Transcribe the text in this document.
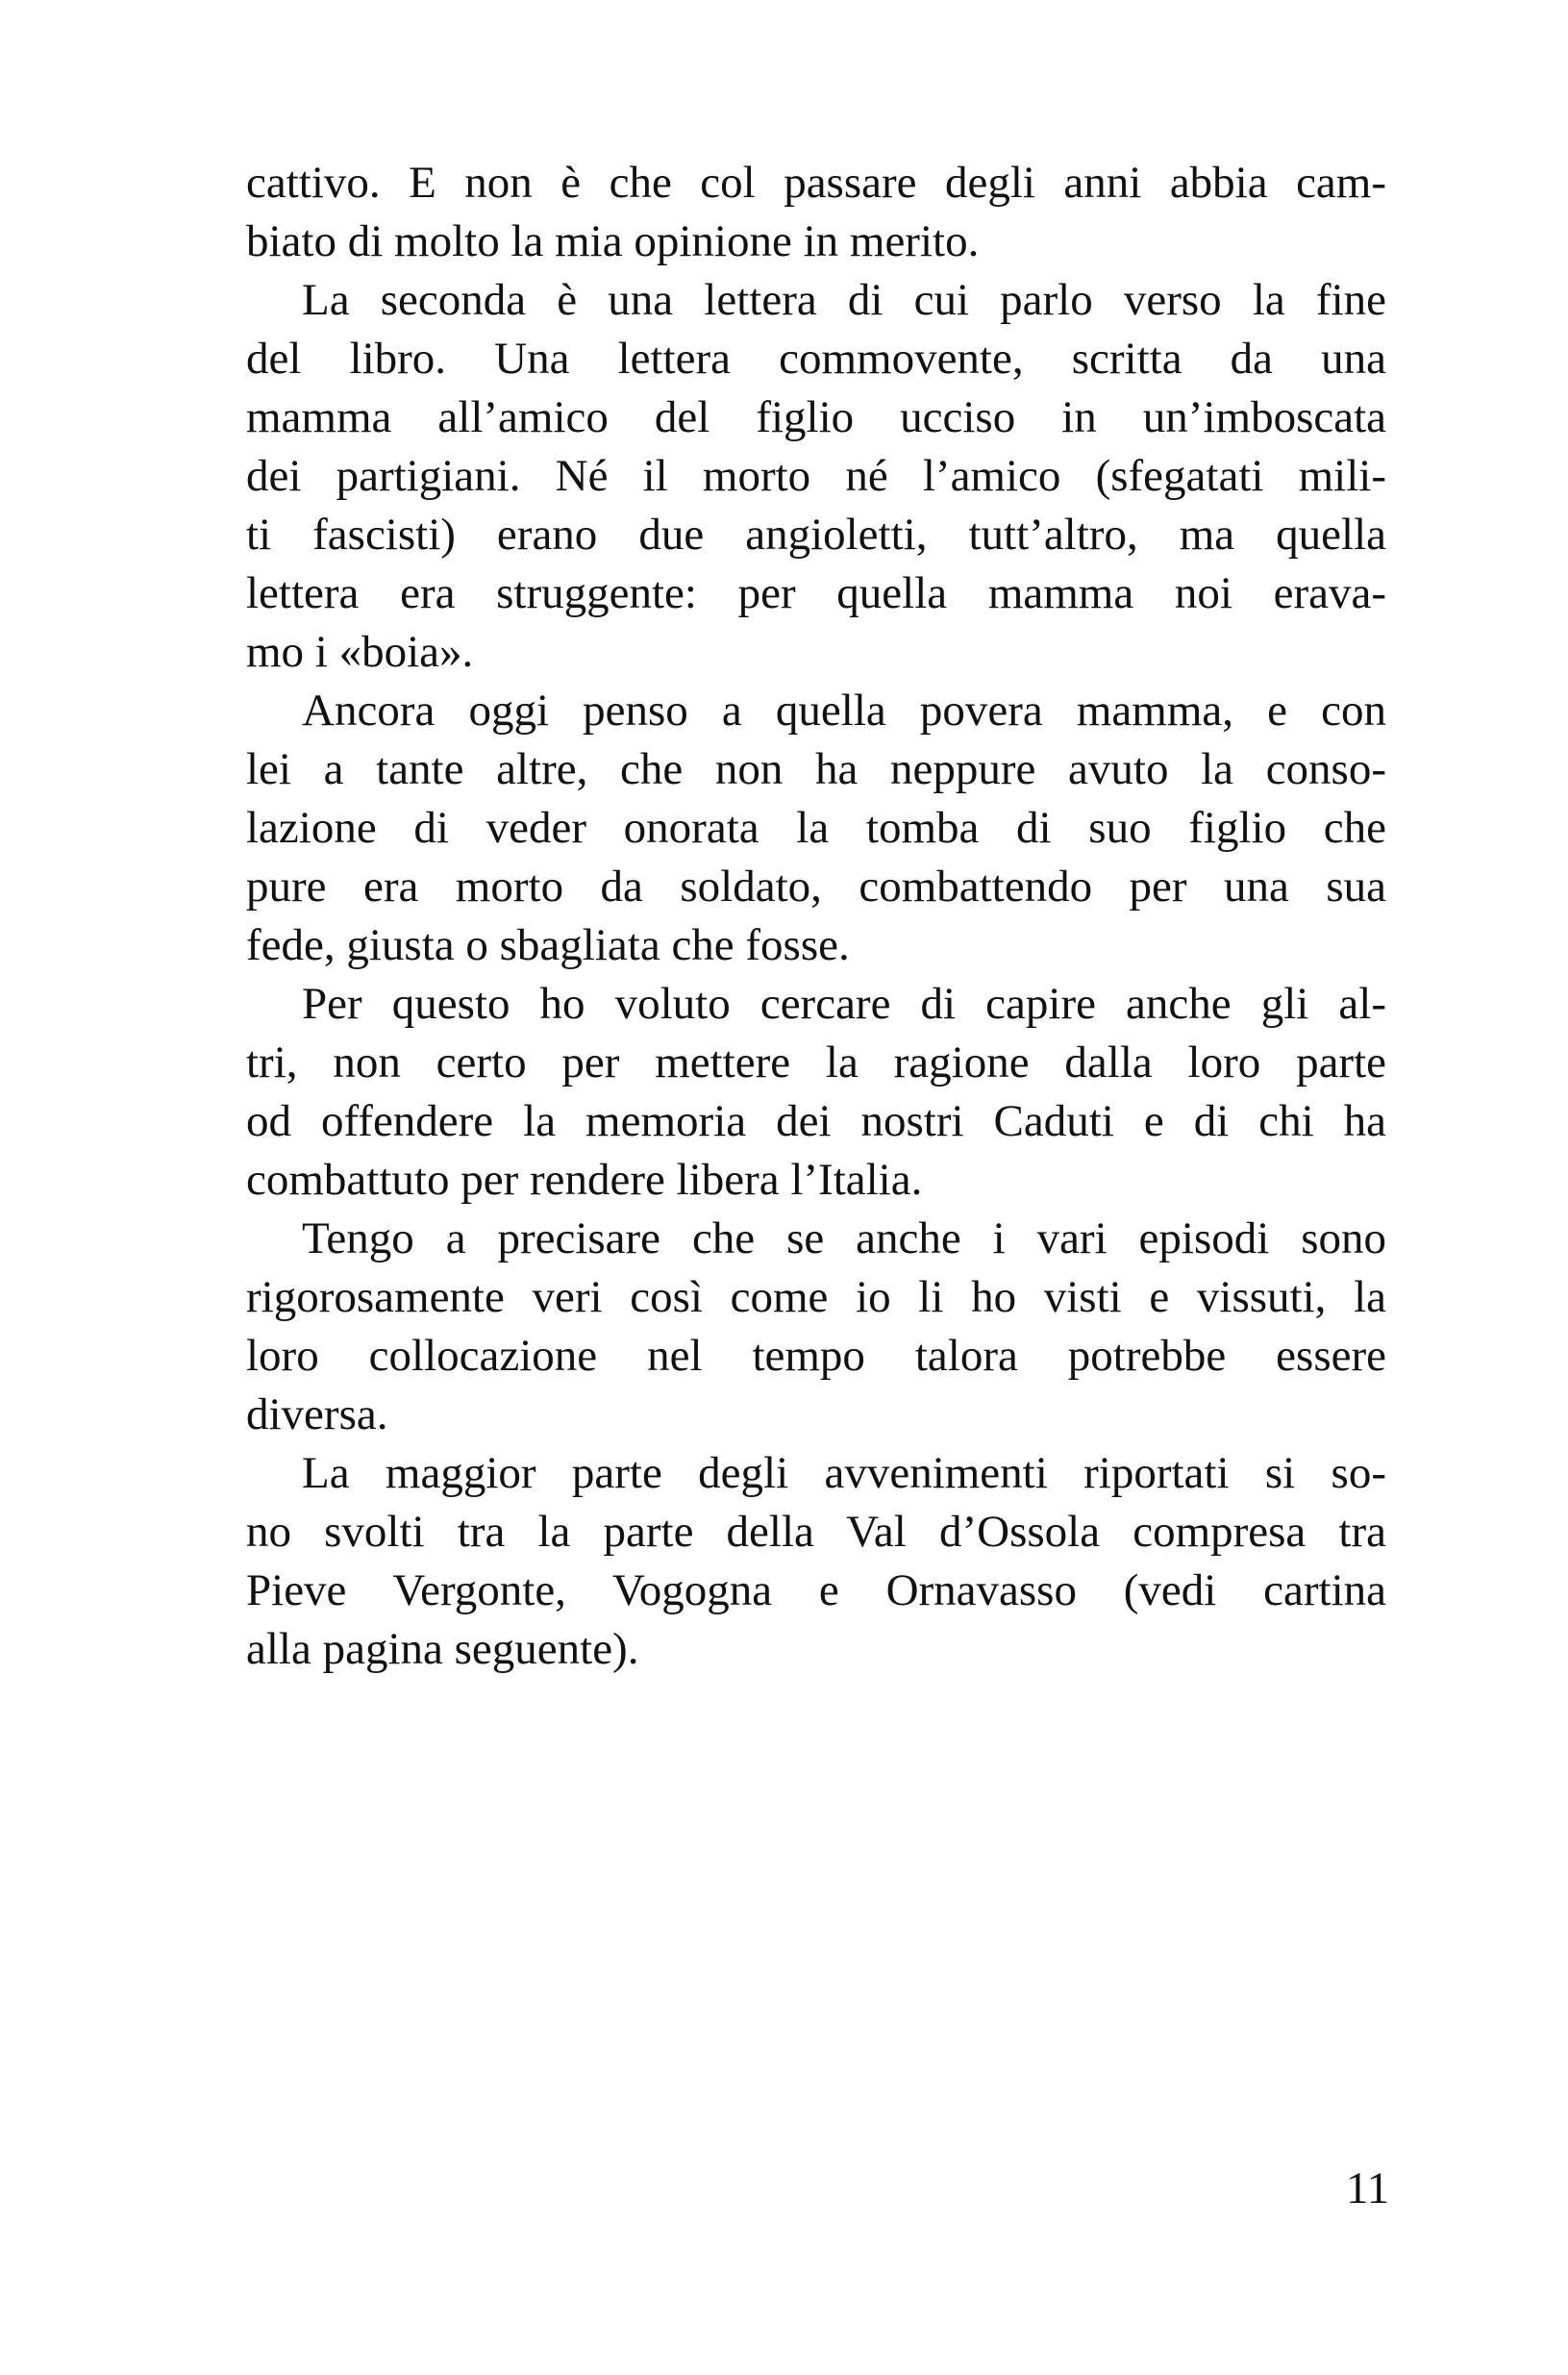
cattivo. E non è che col passare degli anni abbia cam-
biato di molto la mia opinione in merito.
La seconda è una lettera di cui parlo verso la fine
del libro. Una lettera commovente, scritta da una
mamma all’amico del figlio ucciso in un’imboscata
dei partigiani. Né il morto né l’amico (sfegatati mili-
ti fascisti) erano due angioletti, tutt’altro, ma quella
lettera era struggente: per quella mamma noi erava-
mo i «boia».
Ancora oggi penso a quella povera mamma, e con
lei a tante altre, che non ha neppure avuto la conso-
lazione di veder onorata la tomba di suo figlio che
pure era morto da soldato, combattendo per una sua
fede, giusta o sbagliata che fosse.
Per questo ho voluto cercare di capire anche gli al-
tri, non certo per mettere la ragione dalla loro parte
od offendere la memoria dei nostri Caduti e di chi ha
combattuto per rendere libera l’Italia.
Tengo a precisare che se anche i vari episodi sono
rigorosamente veri così come io li ho visti e vissuti, la
loro collocazione nel tempo talora potrebbe essere
diversa.
La maggior parte degli avvenimenti riportati si so-
no svolti tra la parte della Val d’Ossola compresa tra
Pieve Vergonte, Vogogna e Ornavasso (vedi cartina
alla pagina seguente).
11
